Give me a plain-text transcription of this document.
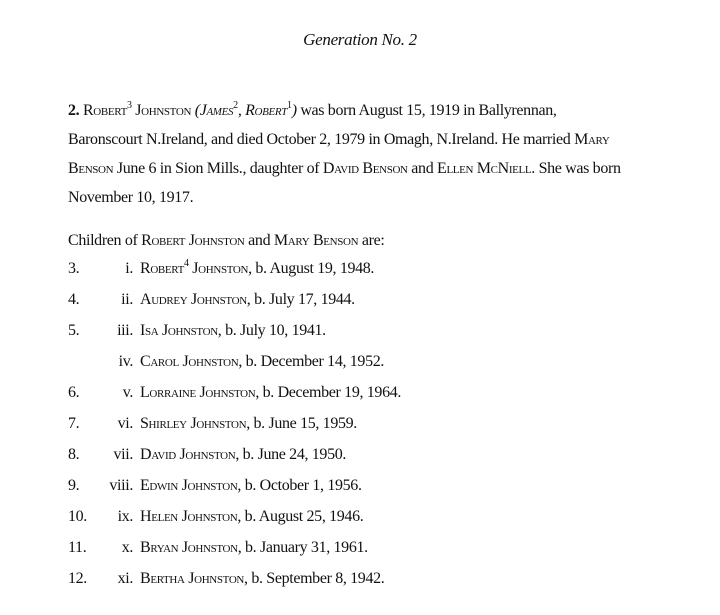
Generation No. 2
2. Robert$^3$ Johnston (James$^2$, Robert$^1$) was born August 15, 1919 in Ballyrennan, Baronscourt N.Ireland, and died October 2, 1979 in Omagh, N.Ireland. He married Mary Benson June 6 in Sion Mills., daughter of David Benson and Ellen McNiell. She was born November 10, 1917.
Children of Robert Johnston and Mary Benson are:
3.	i. Robert$^4$ Johnston, b. August 19, 1948.
4.	ii. Audrey Johnston, b. July 17, 1944.
5.	iii. Isa Johnston, b. July 10, 1941.
iv. Carol Johnston, b. December 14, 1952.
6.	v. Lorraine Johnston, b. December 19, 1964.
7.	vi. Shirley Johnston, b. June 15, 1959.
8.	vii. David Johnston, b. June 24, 1950.
9.	viii. Edwin Johnston, b. October 1, 1956.
10.	ix. Helen Johnston, b. August 25, 1946.
11.	x. Bryan Johnston, b. January 31, 1961.
12.	xi. Bertha Johnston, b. September 8, 1942.
